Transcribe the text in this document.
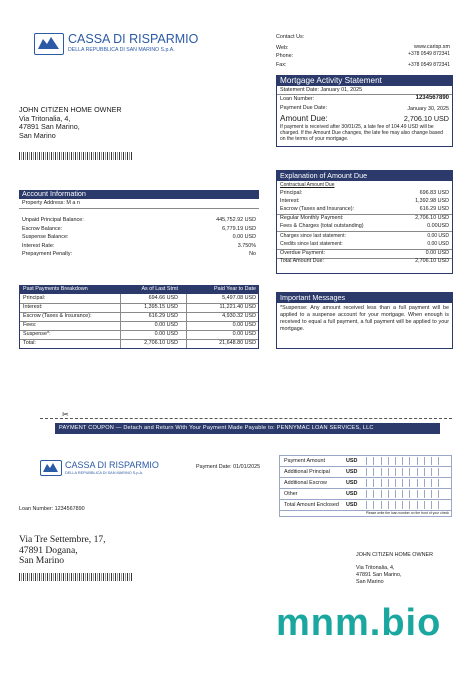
CASSA DI RISPARMIO
DELLA REPUBBLICA DI SAN MARINO S.p.A.
Contact Us:
Web:	www.carisp.sm
Phone:	+378 0549 872341
Fax:	+378 0549 872341
JOHN CITIZEN HOME OWNER
Via Tritonalia, 4,
47891 San Marino,
San Marino
Mortgage Activity Statement
Statement Date: January 01, 2025
Loan Number:	1234567890
Payment Due Date:	January 30, 2025
Amount Due:	2,706.10 USD
If payment is received after 30/01/25, a late fee of 104.49 USD will be charged. If the Amount Due changes, the late fee may also change based on the terms of your mortgage.
Explanation of Amount Due
Contractual Amount Due
Principal:	696.83 USD
Interest:	1,392.98 USD
Escrow (Taxes and Insurance):	616.29 USD
Regular Monthly Payment:	2,706.10 USD
Fees & Charges (total outstanding)	0.00USD
Charges since last statement:	0.00 USD
Credits since last statement:	0.00 USD
Overdue Payment:	0.00 USD
Total Amount Due:	2,706.10 USD
Account Information
Property Address: M a n
Unpaid Principal Balance:	445,752.92 USD
Escrow Balance:	6,779.19 USD
Suspense Balance:	0.00 USD
Interest Rate:	3.750%
Prepayment Penalty:	No
Past Payments Breakdown	As of Last Stmt	Paid Year to Date
Principal:	694.66 USD	5,497.08 USD
Interest:	1,395.15 USD	11,221.40 USD
Escrow (Taxes & Insurance):	616.29 USD	4,930.32 USD
Fees:	0.00 USD	0.00 USD
Suspense*:	0.00 USD	0.00 USD
Total:	2,706.10 USD	21,648.80 USD
Important Messages
*Suspense: Any amount received less than a full payment will be applied to a suspense account for your mortgage. When enough is received to equal a full payment, a full payment will be applied to your mortgage.
✂
PAYMENT COUPON — Detach and Return With Your Payment Made Payable to: PENNYMAC LOAN SERVICES, LLC
CASSA DI RISPARMIO
DELLA REPUBBLICA DI SAN MARINO S.p.A.
Payment Date: 01/01/2025
Loan Number: 1234567890
Payment Amount	USD
Additional Principal	USD
Additional Escrow	USD
Other	USD
Total Amount Enclosed USD
Please write the loan number on the front of your check
Via Tre Settembre, 17,
47891 Dogana,
San Marino	JOHN CITIZEN HOME OWNER
Via Tritonalia, 4,
47891 San Marino,
San Marino
mnm.bio
